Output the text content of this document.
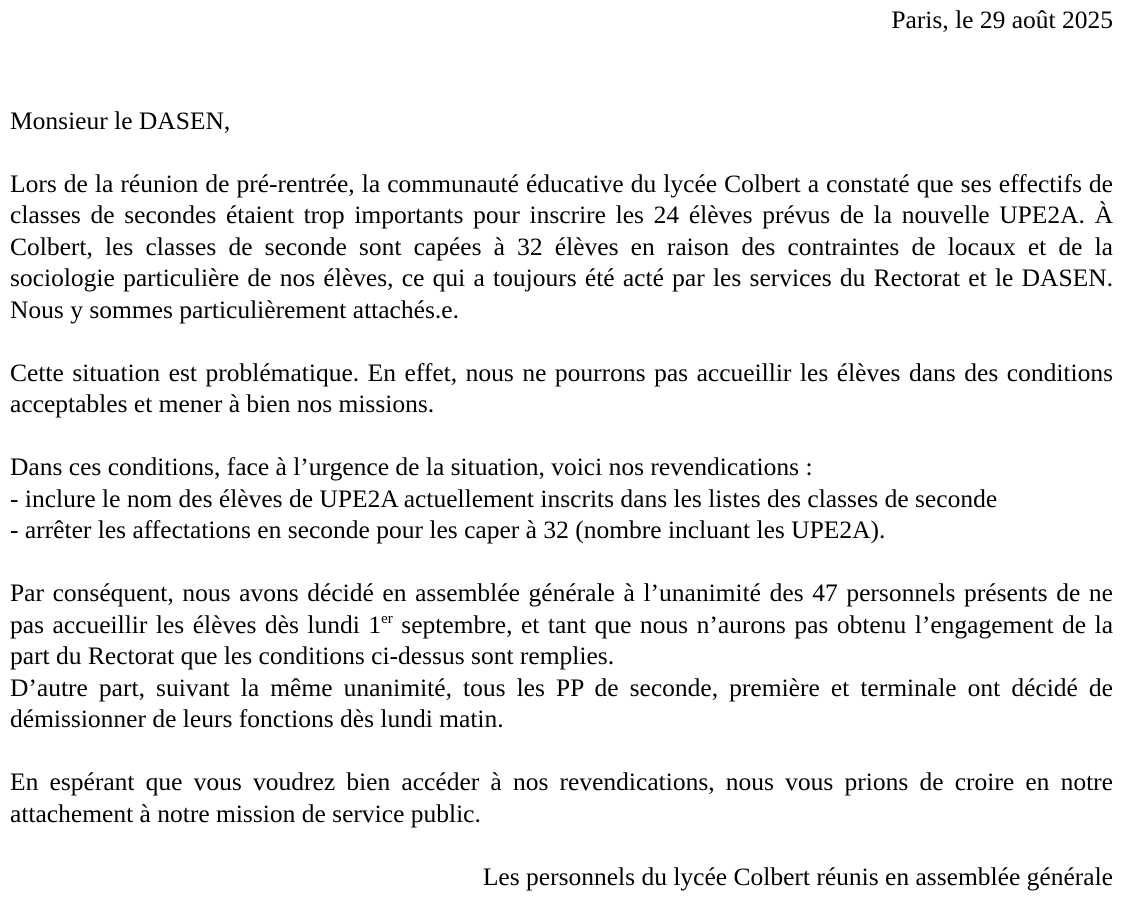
Paris, le 29 août 2025
Monsieur le DASEN,

Lors de la réunion de pré-rentrée, la communauté éducative du lycée Colbert a constaté que ses effectifs de classes de secondes étaient trop importants pour inscrire les 24 élèves prévus de la nouvelle UPE2A. À Colbert, les classes de seconde sont capées à 32 élèves en raison des contraintes de locaux et de la sociologie particulière de nos élèves, ce qui a toujours été acté par les services du Rectorat et le DASEN. Nous y sommes particulièrement attachés.e.

Cette situation est problématique. En effet, nous ne pourrons pas accueillir les élèves dans des conditions acceptables et mener à bien nos missions.

Dans ces conditions, face à l’urgence de la situation, voici nos revendications :
- inclure le nom des élèves de UPE2A actuellement inscrits dans les listes des classes de seconde
- arrêter les affectations en seconde pour les caper à 32 (nombre incluant les UPE2A).

Par conséquent, nous avons décidé en assemblée générale à l’unanimité des 47 personnels présents de ne pas accueillir les élèves dès lundi 1er septembre, et tant que nous n’aurons pas obtenu l’engagement de la part du Rectorat que les conditions ci-dessus sont remplies.

D’autre part, suivant la même unanimité, tous les PP de seconde, première et terminale ont décidé de démissionner de leurs fonctions dès lundi matin.

En espérant que vous voudrez bien accéder à nos revendications, nous vous prions de croire en notre attachement à notre mission de service public.

Les personnels du lycée Colbert réunis en assemblée générale
